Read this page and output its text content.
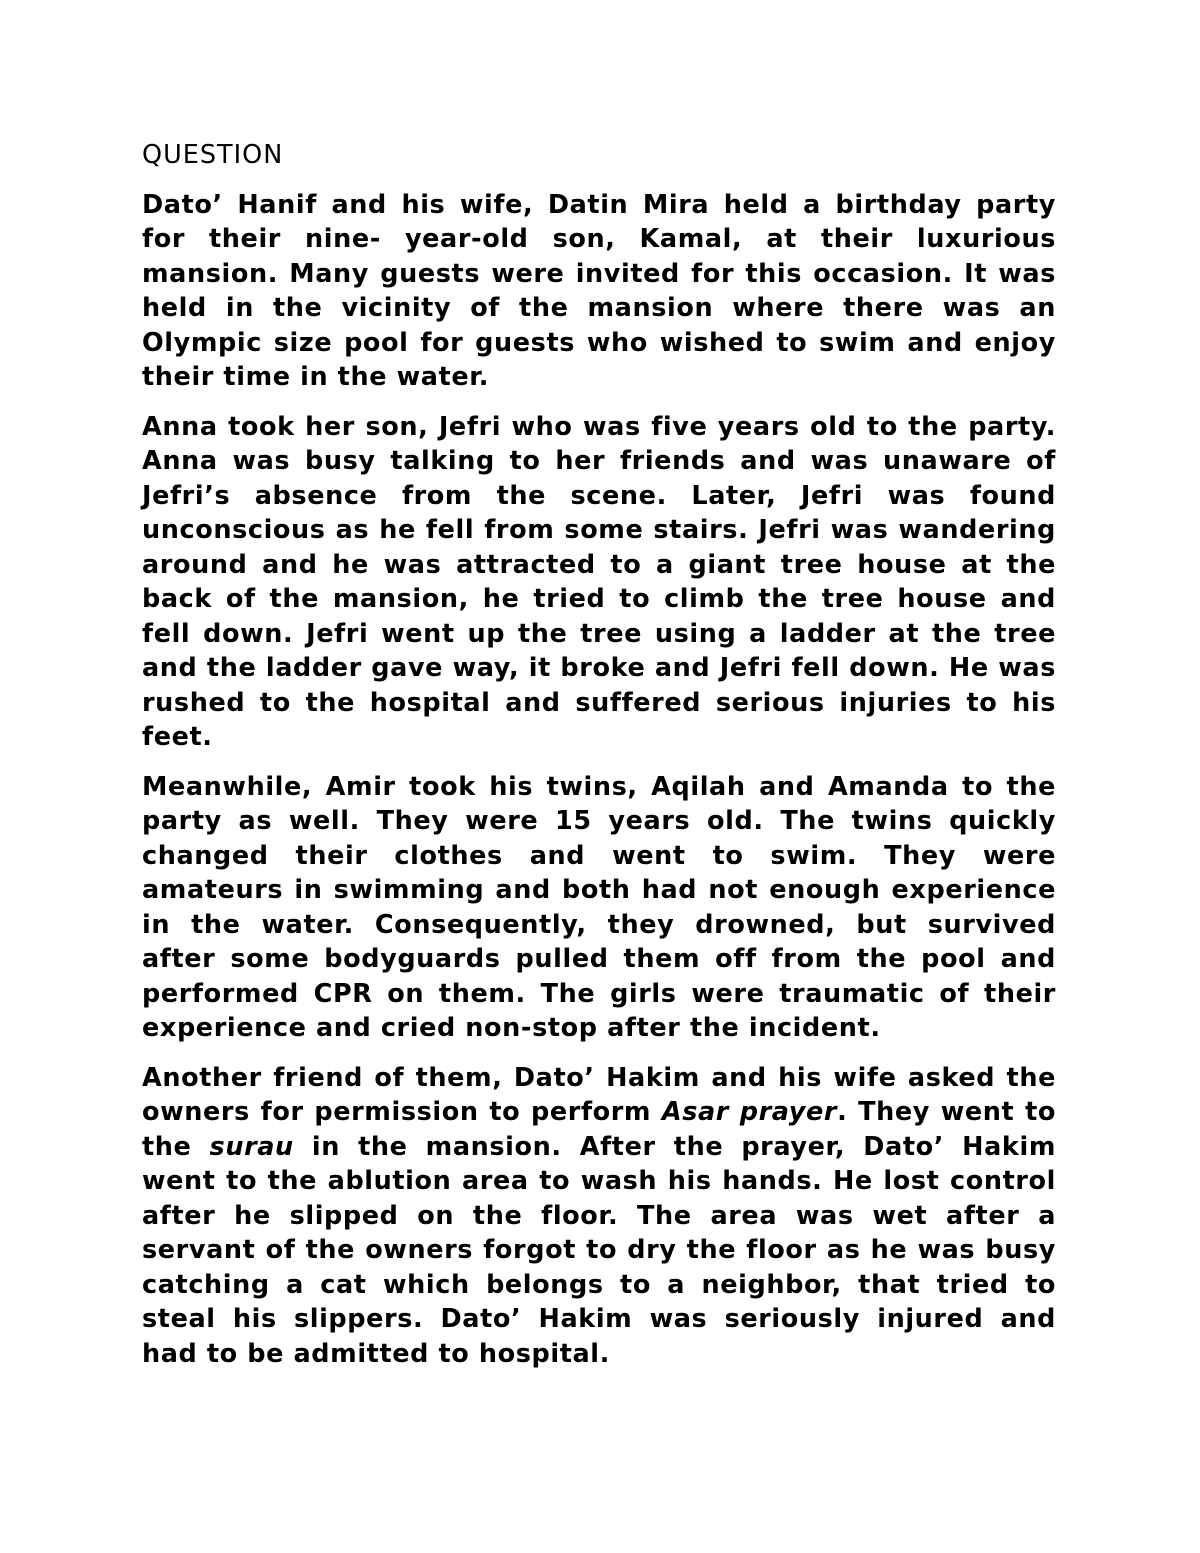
QUESTION

Dato’ Hanif and his wife, Datin Mira held a birthday party for their nine- year-old son, Kamal, at their luxurious mansion. Many guests were invited for this occasion. It was held in the vicinity of the mansion where there was an Olympic size pool for guests who wished to swim and enjoy their time in the water.

Anna took her son, Jefri who was five years old to the party. Anna was busy talking to her friends and was unaware of Jefri’s absence from the scene. Later, Jefri was found unconscious as he fell from some stairs. Jefri was wandering around and he was attracted to a giant tree house at the back of the mansion, he tried to climb the tree house and fell down. Jefri went up the tree using a ladder at the tree and the ladder gave way, it broke and Jefri fell down. He was rushed to the hospital and suffered serious injuries to his feet.

Meanwhile, Amir took his twins, Aqilah and Amanda to the party as well. They were 15 years old. The twins quickly changed their clothes and went to swim. They were amateurs in swimming and both had not enough experience in the water. Consequently, they drowned, but survived after some bodyguards pulled them off from the pool and performed CPR on them. The girls were traumatic of their experience and cried non-stop after the incident.

Another friend of them, Dato’ Hakim and his wife asked the owners for permission to perform Asar prayer. They went to the surau in the mansion. After the prayer, Dato’ Hakim went to the ablution area to wash his hands. He lost control after he slipped on the floor. The area was wet after a servant of the owners forgot to dry the floor as he was busy catching a cat which belongs to a neighbor, that tried to steal his slippers. Dato’ Hakim was seriously injured and had to be admitted to hospital.
